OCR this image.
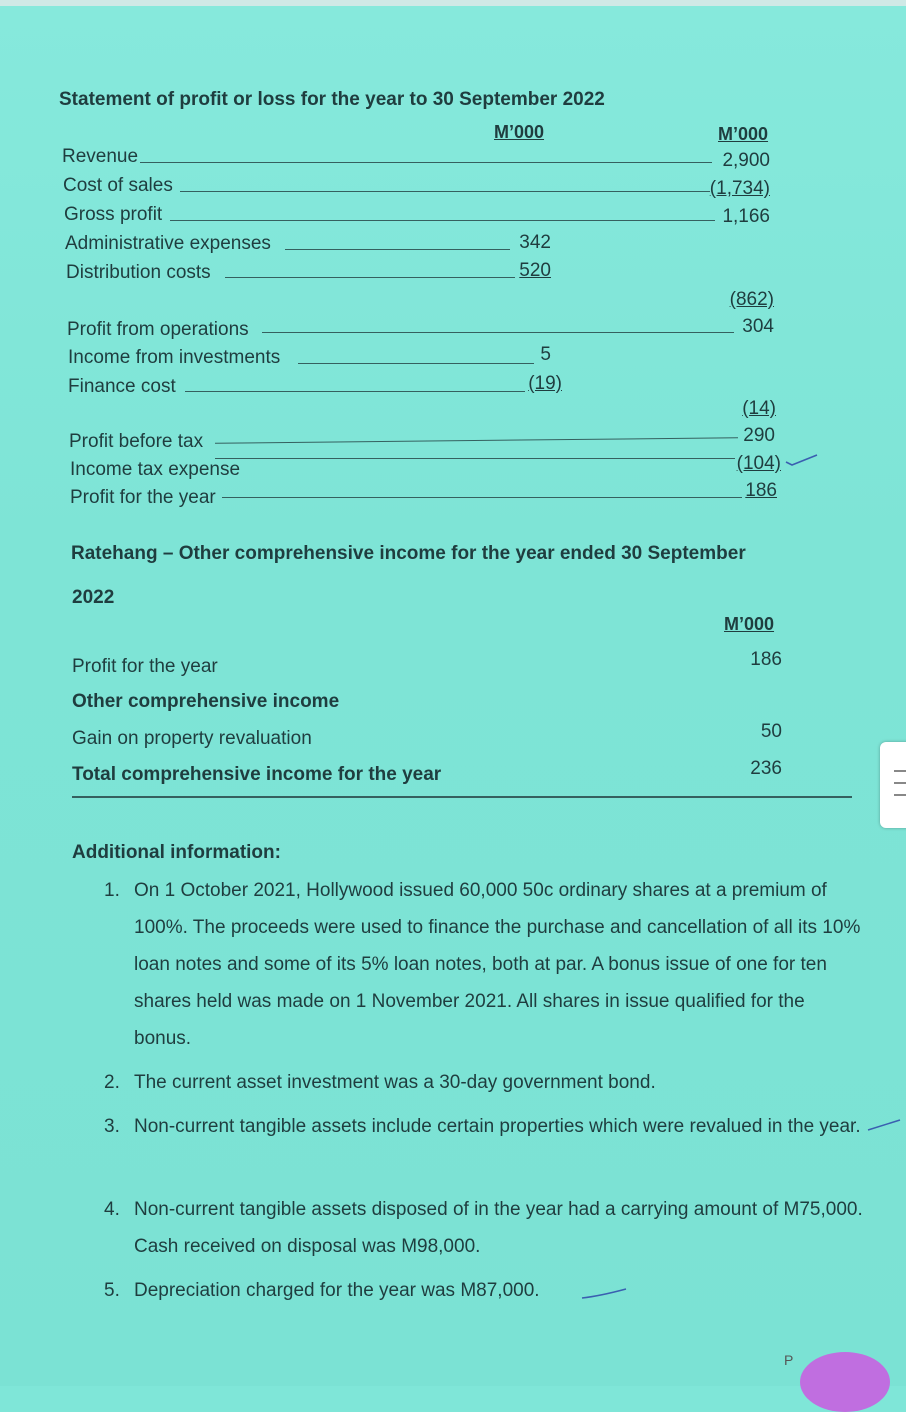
Statement of profit or loss for the year to 30 September 2022
M’000	M’000
Revenue	2,900
Cost of sales	(1,734)
Gross profit	1,166
Administrative expenses	342
Distribution costs	520
(862)
Profit from operations	304
Income from investments	5
Finance cost	(19)
(14)
Profit before tax	290
Income tax expense	(104)
Profit for the year	186
Ratehang – Other comprehensive income for the year ended 30 September
2022
M’000
Profit for the year	186
Other comprehensive income
Gain on property revaluation	50
Total comprehensive income for the year	236
Additional information:
1. On 1 October 2021, Hollywood issued 60,000 50c ordinary shares at a premium of 100%. The proceeds were used to finance the purchase and cancellation of all its 10% loan notes and some of its 5% loan notes, both at par. A bonus issue of one for ten shares held was made on 1 November 2021. All shares in issue qualified for the bonus.
2. The current asset investment was a 30-day government bond.
3. Non-current tangible assets include certain properties which were revalued in the year.
4. Non-current tangible assets disposed of in the year had a carrying amount of M75,000. Cash received on disposal was M98,000.
5. Depreciation charged for the year was M87,000.
P
